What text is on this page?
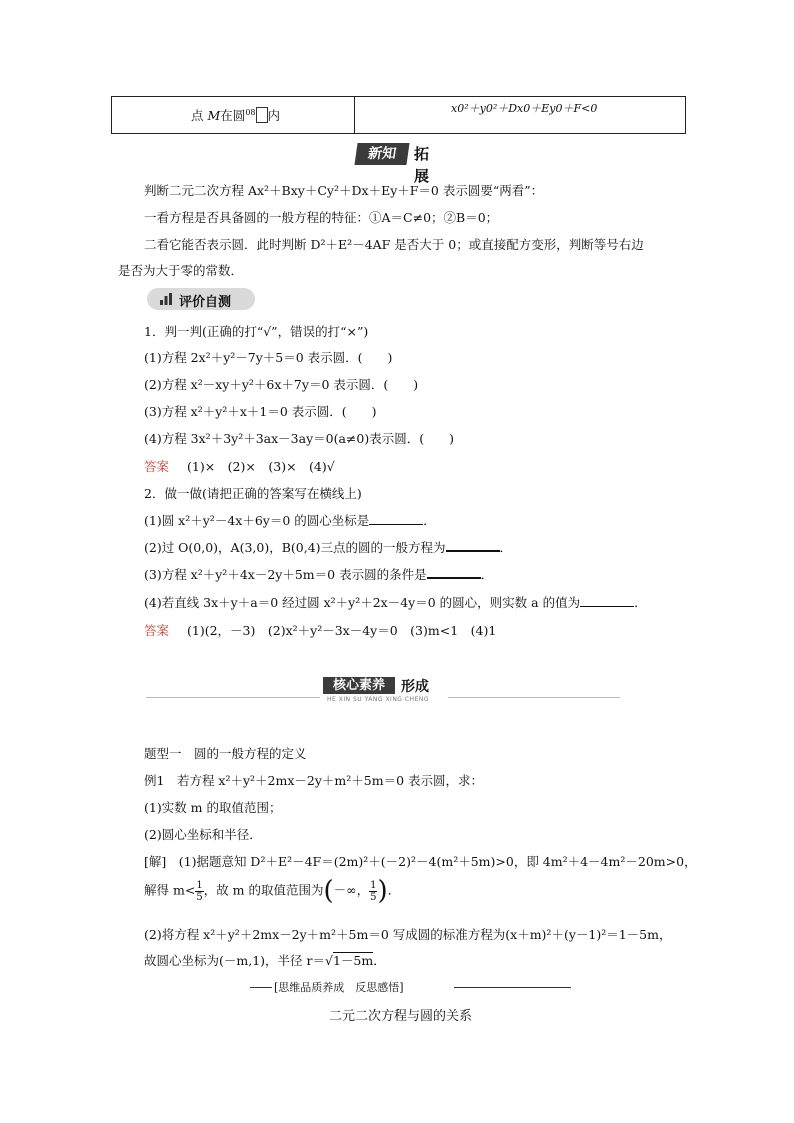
点 M在圆$^{08}$ 内	x0²＋y0²＋Dx0＋Ey0＋F<0
新知	拓展
判断二元二次方程 Ax²＋Bxy＋Cy²＋Dx＋Ey＋F＝0 表示圆要“两看”：
一看方程是否具备圆的一般方程的特征：①A＝C≠0；②B＝0；
二看它能否表示圆．此时判断 D²＋E²－4AF 是否大于 0；或直接配方变形，判断等号右边
是否为大于零的常数．
评价自测
1．判一判(正确的打“√”，错误的打“×”)
(1)方程 2x²＋y²－7y＋5＝0 表示圆．(　　)
(2)方程 x²－xy＋y²＋6x＋7y＝0 表示圆．(　　)
(3)方程 x²＋y²＋x＋1＝0 表示圆．(　　)
(4)方程 3x²＋3y²＋3ax－3ay＝0(a≠0)表示圆．(　　)
答案 (1)×　(2)×　(3)×　(4)√
2．做一做(请把正确的答案写在横线上)
(1)圆 x²＋y²－4x＋6y＝0 的圆心坐标是	．
(2)过 O(0,0)，A(3,0)，B(0,4)三点的圆的一般方程为	．
(3)方程 x²＋y²＋4x－2y＋5m＝0 表示圆的条件是	．
(4)若直线 3x＋y＋a＝0 经过圆 x²＋y²＋2x－4y＝0 的圆心，则实数 a 的值为	．
答案 (1)(2，－3)　(2)x²＋y²－3x－4y＝0　(3)m<1　(4)1
核心素养	形成
HE XIN SU YANG XING CHENG
题型一　圆的一般方程的定义
例1　若方程 x²＋y²＋2mx－2y＋m²＋5m＝0 表示圆，求：
(1)实数 m 的取值范围；
(2)圆心坐标和半径．
[解]　(1)据题意知 D²＋E²－4F＝(2m)²＋(－2)²－4(m²＋5m)>0，即 4m²＋4－4m²－20m>0，
解得 $m< \frac{1}{5}$ ，故 m 的取值范围为(－∞， $\frac{1}{5}$ )．
(2)将方程 x²＋y²＋2mx－2y＋m²＋5m＝0 写成圆的标准方程为(x＋m)²＋(y－1)²＝1－5m，
故圆心坐标为(－m,1)，半径 r＝√1－5m．
[思维品质养成　反思感悟]
二元二次方程与圆的关系
